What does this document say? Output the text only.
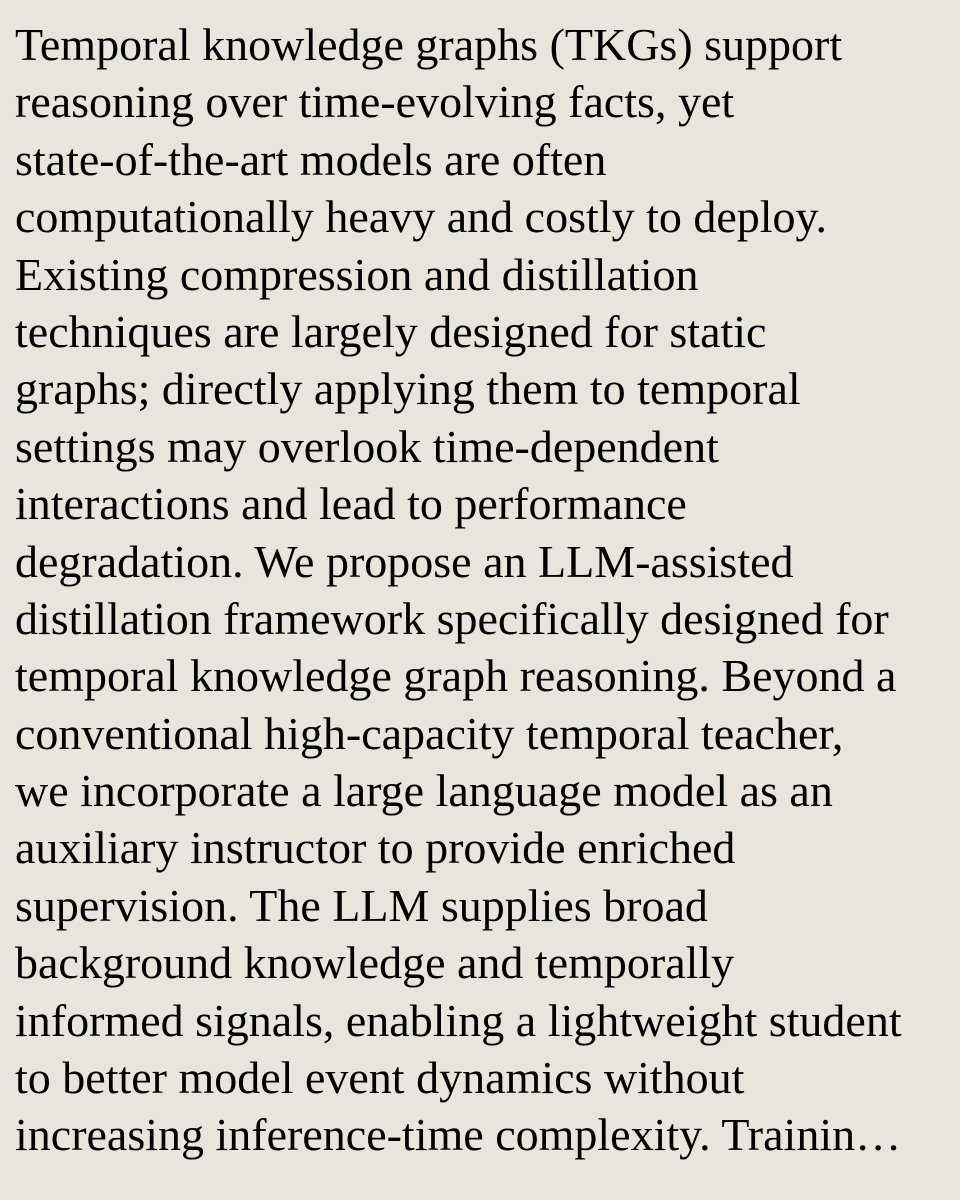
Temporal knowledge graphs (TKGs) support
reasoning over time-evolving facts, yet
state-of-the-art models are often
computationally heavy and costly to deploy.
Existing compression and distillation
techniques are largely designed for static
graphs; directly applying them to temporal
settings may overlook time-dependent
interactions and lead to performance
degradation. We propose an LLM-assisted
distillation framework specifically designed for
temporal knowledge graph reasoning. Beyond a
conventional high-capacity temporal teacher,
we incorporate a large language model as an
auxiliary instructor to provide enriched
supervision. The LLM supplies broad
background knowledge and temporally
informed signals, enabling a lightweight student
to better model event dynamics without
increasing inference-time complexity. Trainin…
